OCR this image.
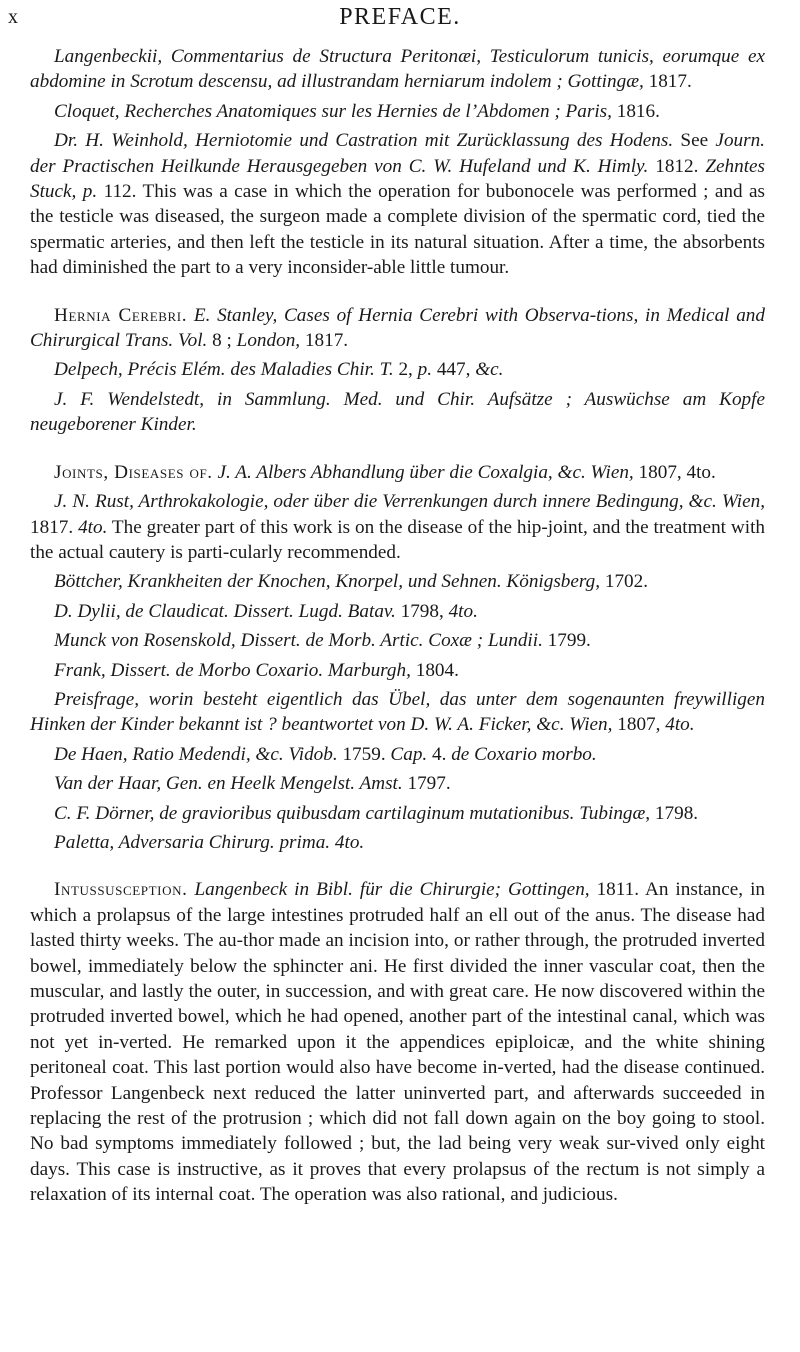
x	PREFACE.

Langenbeckii, Commentarius de Structura Peritonæi, Testiculorum tunicis, eorumque ex abdomine in Scrotum descensu, ad illustrandam herniarum indolem ; Gottingæ, 1817.

Cloquet, Recherches Anatomiques sur les Hernies de l’Abdomen ; Paris, 1816.

Dr. H. Weinhold, Herniotomie und Castration mit Zurücklassung des Hodens. See Journ. der Practischen Heilkunde Herausgegeben von C. W. Hufeland und K. Himly. 1812. Zehntes Stuck, p. 112. This was a case in which the operation for bubonocele was performed ; and as the testicle was diseased, the surgeon made a complete division of the spermatic cord, tied the spermatic arteries, and then left the testicle in its natural situation. After a time, the absorbents had diminished the part to a very inconsider-able little tumour.

Hernia Cerebri. E. Stanley, Cases of Hernia Cerebri with Observa-tions, in Medical and Chirurgical Trans. Vol. 8 ; London, 1817.

Delpech, Précis Elém. des Maladies Chir. T. 2, p. 447, &c.

J. F. Wendelstedt, in Sammlung. Med. und Chir. Aufsätze ; Auswüchse am Kopfe neugeborener Kinder.

Joints, Diseases of. J. A. Albers Abhandlung über die Coxalgia, &c. Wien, 1807, 4to.

J. N. Rust, Arthrokakologie, oder über die Verrenkungen durch innere Bedingung, &c. Wien, 1817. 4to. The greater part of this work is on the disease of the hip-joint, and the treatment with the actual cautery is parti-cularly recommended.

Böttcher, Krankheiten der Knochen, Knorpel, und Sehnen. Königsberg, 1702.

D. Dylii, de Claudicat. Dissert. Lugd. Batav. 1798, 4to.

Munck von Rosenskold, Dissert. de Morb. Artic. Coxæ ; Lundii. 1799.

Frank, Dissert. de Morbo Coxario. Marburgh, 1804.

Preisfrage, worin besteht eigentlich das Übel, das unter dem sogenaunten freywilligen Hinken der Kinder bekannt ist ? beantwortet von D. W. A. Ficker, &c. Wien, 1807, 4to.

De Haen, Ratio Medendi, &c. Vidob. 1759. Cap. 4. de Coxario morbo.

Van der Haar, Gen. en Heelk Mengelst. Amst. 1797.

C. F. Dörner, de gravioribus quibusdam cartilaginum mutationibus. Tubingæ, 1798.

Paletta, Adversaria Chirurg. prima. 4to.

Intussusception. Langenbeck in Bibl. für die Chirurgie; Gottingen, 1811. An instance, in which a prolapsus of the large intestines protruded half an ell out of the anus. The disease had lasted thirty weeks. The au-thor made an incision into, or rather through, the protruded inverted bowel, immediately below the sphincter ani. He first divided the inner vascular coat, then the muscular, and lastly the outer, in succession, and with great care. He now discovered within the protruded inverted bowel, which he had opened, another part of the intestinal canal, which was not yet in-verted. He remarked upon it the appendices epiploicæ, and the white shining peritoneal coat. This last portion would also have become in-verted, had the disease continued. Professor Langenbeck next reduced the latter uninverted part, and afterwards succeeded in replacing the rest of the protrusion ; which did not fall down again on the boy going to stool. No bad symptoms immediately followed ; but, the lad being very weak sur-vived only eight days. This case is instructive, as it proves that every prolapsus of the rectum is not simply a relaxation of its internal coat. The operation was also rational, and judicious.
